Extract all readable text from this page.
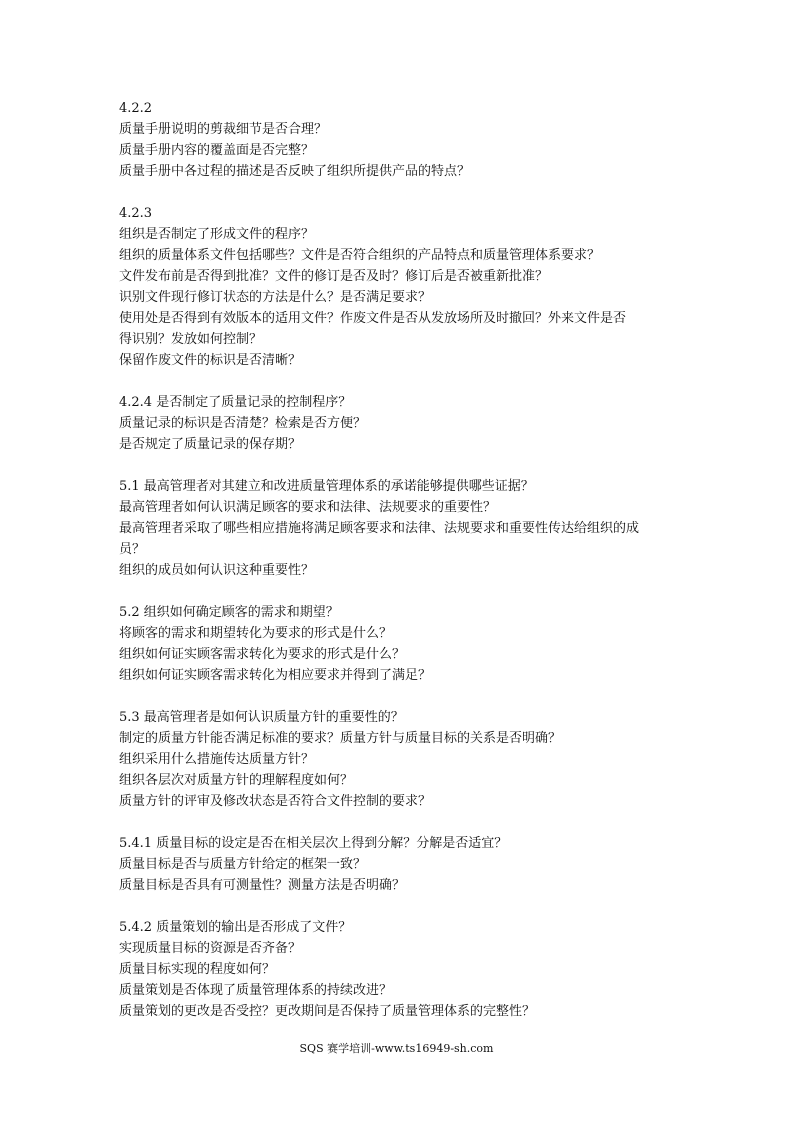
4.2.2
质量手册说明的剪裁细节是否合理？
质量手册内容的覆盖面是否完整？
质量手册中各过程的描述是否反映了组织所提供产品的特点？
4.2.3
组织是否制定了形成文件的程序？
组织的质量体系文件包括哪些？文件是否符合组织的产品特点和质量管理体系要求？
文件发布前是否得到批准？文件的修订是否及时？修订后是否被重新批准？
识别文件现行修订状态的方法是什么？是否满足要求？
使用处是否得到有效版本的适用文件？作废文件是否从发放场所及时撤回？外来文件是否
得识别？发放如何控制？
保留作废文件的标识是否清晰？
4.2.4 是否制定了质量记录的控制程序？
质量记录的标识是否清楚？检索是否方便？
是否规定了质量记录的保存期？
5.1 最高管理者对其建立和改进质量管理体系的承诺能够提供哪些证据？
最高管理者如何认识满足顾客的要求和法律、法规要求的重要性？
最高管理者采取了哪些相应措施将满足顾客要求和法律、法规要求和重要性传达给组织的成
员？
组织的成员如何认识这种重要性？
5.2 组织如何确定顾客的需求和期望？
将顾客的需求和期望转化为要求的形式是什么？
组织如何证实顾客需求转化为要求的形式是什么？
组织如何证实顾客需求转化为相应要求并得到了满足？
5.3 最高管理者是如何认识质量方针的重要性的？
制定的质量方针能否满足标准的要求？质量方针与质量目标的关系是否明确？
组织采用什么措施传达质量方针？
组织各层次对质量方针的理解程度如何？
质量方针的评审及修改状态是否符合文件控制的要求？
5.4.1 质量目标的设定是否在相关层次上得到分解？分解是否适宜？
质量目标是否与质量方针给定的框架一致？
质量目标是否具有可测量性？测量方法是否明确？
5.4.2 质量策划的输出是否形成了文件？
实现质量目标的资源是否齐备？
质量目标实现的程度如何？
质量策划是否体现了质量管理体系的持续改进？
质量策划的更改是否受控？更改期间是否保持了质量管理体系的完整性？
SQS 赛学培训-www.ts16949-sh.com
